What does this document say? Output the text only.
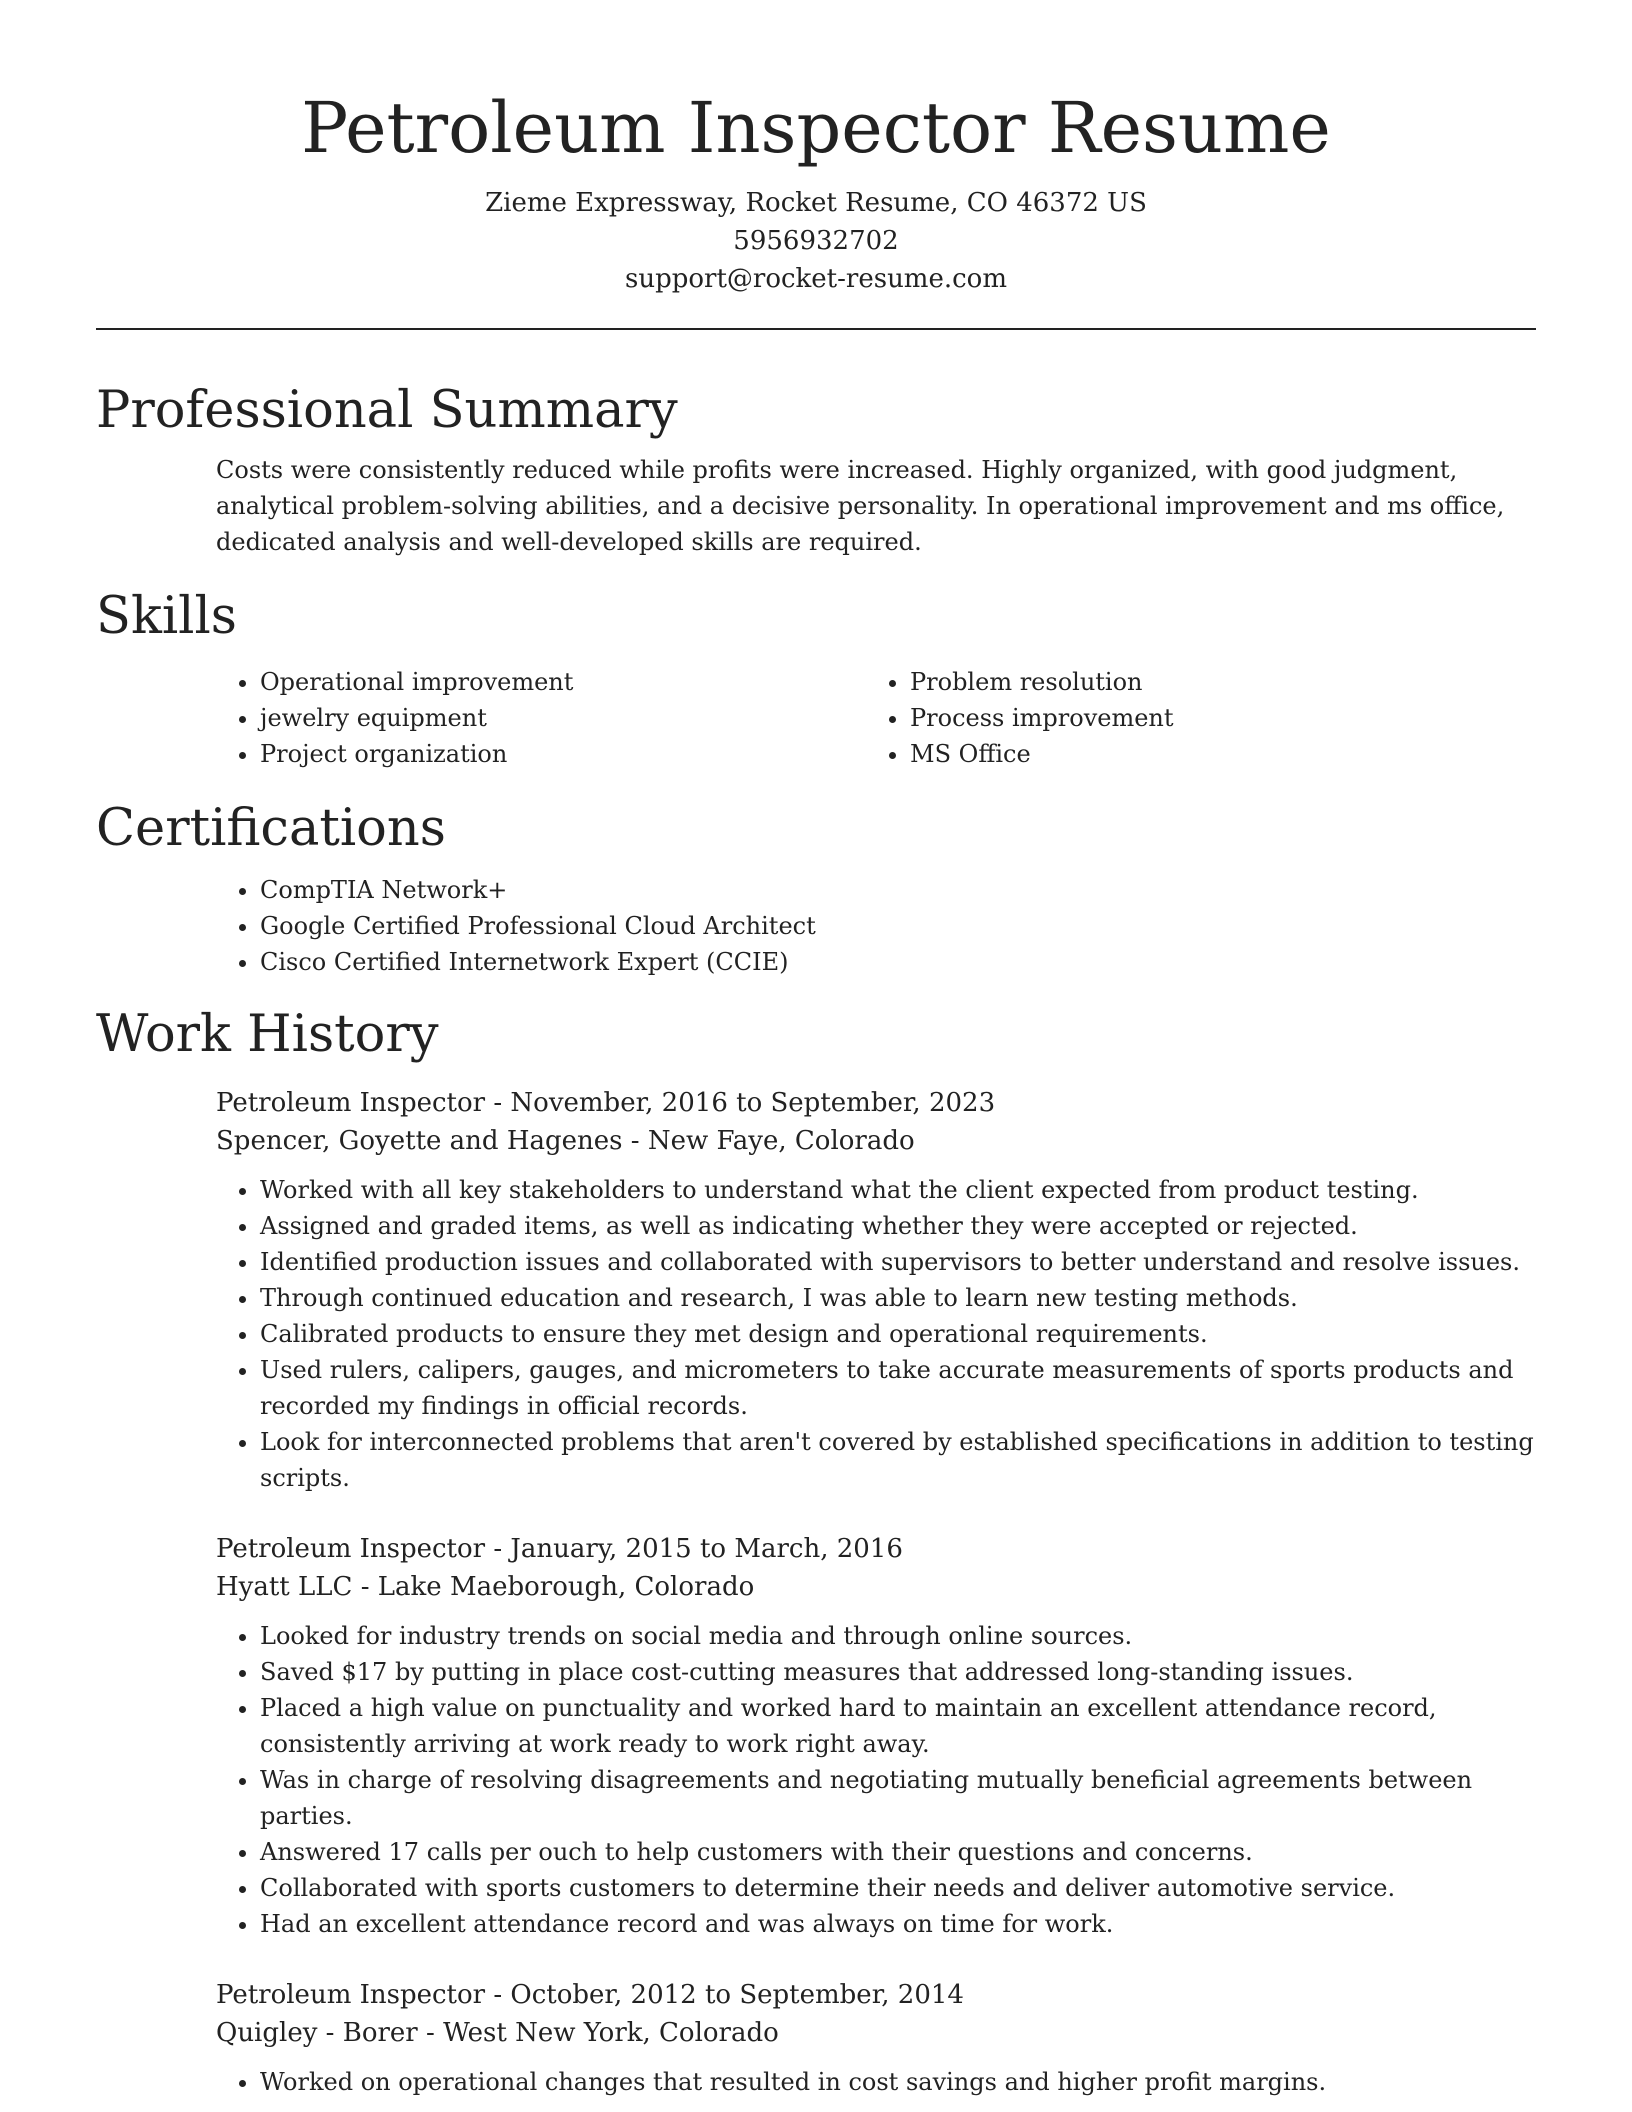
Petroleum Inspector Resume
Zieme Expressway, Rocket Resume, CO 46372 US
5956932702
support@rocket-resume.com
Professional Summary

Costs were consistently reduced while profits were increased. Highly organized, with good judgment, analytical problem-solving abilities, and a decisive personality. In operational improvement and ms office, dedicated analysis and well-developed skills are required.

Skills
• Operational improvement
• jewelry equipment
• Project organization
• Problem resolution
• Process improvement
• MS Office
Certifications
• CompTIA Network+
• Google Certified Professional Cloud Architect
• Cisco Certified Internetwork Expert (CCIE)
Work History
Petroleum Inspector - November, 2016 to September, 2023
Spencer, Goyette and Hagenes - New Faye, Colorado
• Worked with all key stakeholders to understand what the client expected from product testing.
• Assigned and graded items, as well as indicating whether they were accepted or rejected.
• Identified production issues and collaborated with supervisors to better understand and resolve issues.
• Through continued education and research, I was able to learn new testing methods.
• Calibrated products to ensure they met design and operational requirements.
• Used rulers, calipers, gauges, and micrometers to take accurate measurements of sports products and recorded my findings in official records.
• Look for interconnected problems that aren't covered by established specifications in addition to testing scripts.
Petroleum Inspector - January, 2015 to March, 2016
Hyatt LLC - Lake Maeborough, Colorado
• Looked for industry trends on social media and through online sources.
• Saved $17 by putting in place cost-cutting measures that addressed long-standing issues.
• Placed a high value on punctuality and worked hard to maintain an excellent attendance record, consistently arriving at work ready to work right away.
• Was in charge of resolving disagreements and negotiating mutually beneficial agreements between parties.
• Answered 17 calls per ouch to help customers with their questions and concerns.
• Collaborated with sports customers to determine their needs and deliver automotive service.
• Had an excellent attendance record and was always on time for work.
Petroleum Inspector - October, 2012 to September, 2014
Quigley - Borer - West New York, Colorado
• Worked on operational changes that resulted in cost savings and higher profit margins.
